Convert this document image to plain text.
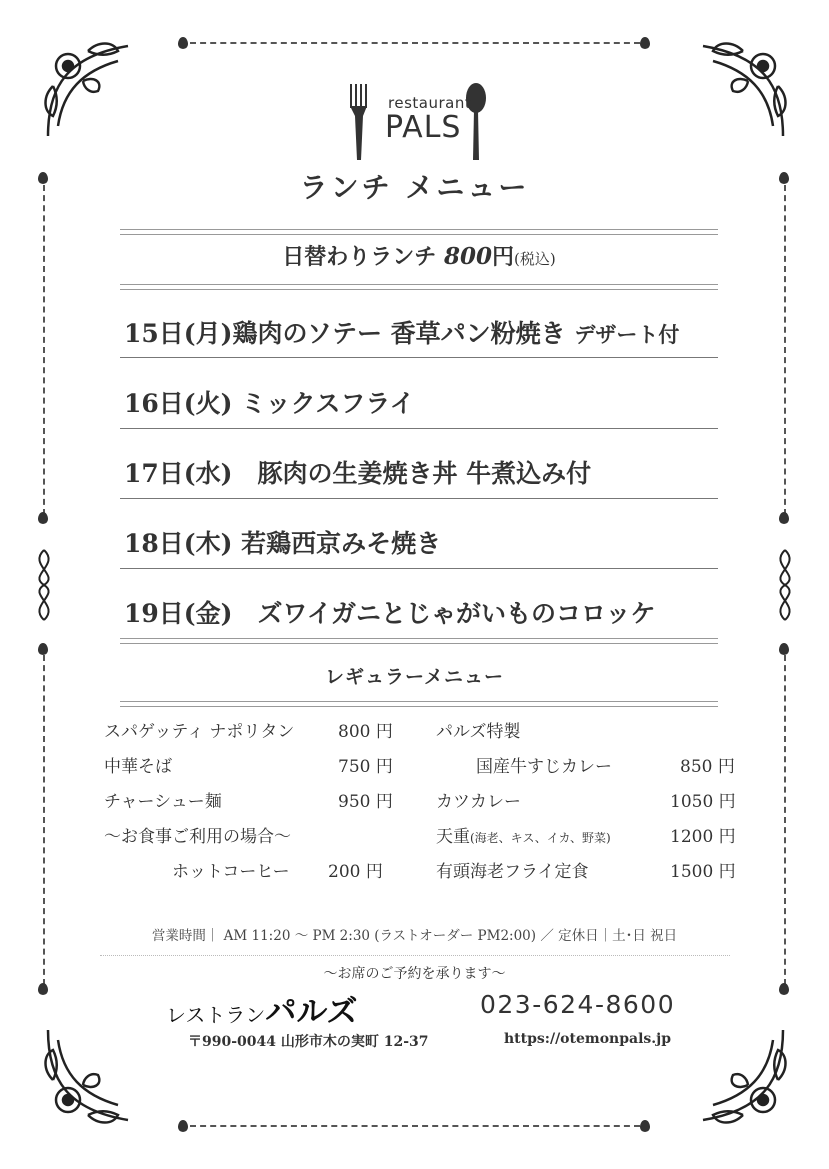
restaurant
PALS
ランチ メニュー
日替わりランチ 800円(税込)
15日(月)鶏肉のソテー 香草パン粉焼き デザート付
16日(火) ミックスフライ
17日(水)　豚肉の生姜焼き丼 牛煮込み付
18日(木) 若鶏西京みそ焼き
19日(金)　ズワイガニとじゃがいものコロッケ
レギュラーメニュー
スパゲッティ ナポリタン	800 円
中華そば	750 円
チャーシュー麺	950 円
～お食事ご利用の場合～
ホットコーヒー 200 円
パルズ特製
国産牛すじカレー	850 円
カツカレー	1050 円
天重(海老、キス、イカ、野菜)	1200 円
有頭海老フライ定食	1500 円
営業時間｜ AM 11:20 ～ PM 2:30 (ラストオーダー PM2:00) ／ 定休日｜土･日 祝日
～お席のご予約を承ります～
レストランパルズ	023-624-8600
〒990-0044 山形市木の実町 12-37	https://otemonpals.jp
